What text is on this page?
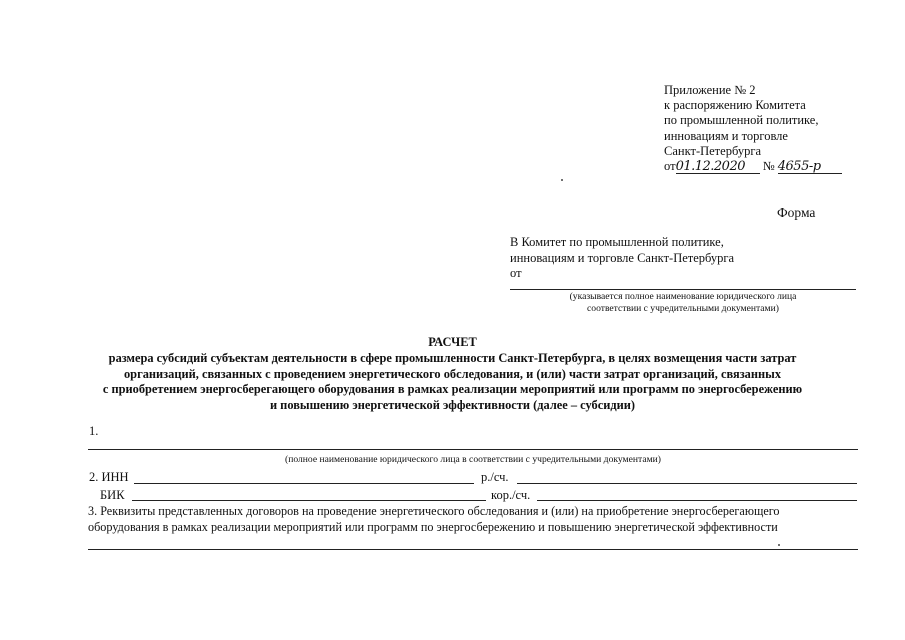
Приложение № 2
к распоряжению Комитета
по промышленной политике,
инновациям и торговле
Санкт-Петербурга
от01.12.2020 № 4655-р
Форма
В Комитет по промышленной политике,
инновациям и торговле Санкт-Петербурга
от
(указывается полное наименование юридического лица
соответствии с учредительными документами)
РАСЧЕТ
размера субсидий субъектам деятельности в сфере промышленности Санкт-Петербурга, в целях возмещения части затрат
организаций, связанных с проведением энергетического обследования, и (или) части затрат организаций, связанных
с приобретением энергосберегающего оборудования в рамках реализации мероприятий или программ по энергосбережению
и повышению энергетической эффективности (далее – субсидии)
1.
(полное наименование юридического лица в соответствии с учредительными документами)
2. ИНН	р./сч.
БИК	кор./сч.
3. Реквизиты представленных договоров на проведение энергетического обследования и (или) на приобретение энергосберегающего
оборудования в рамках реализации мероприятий или программ по энергосбережению и повышению энергетической эффективности
